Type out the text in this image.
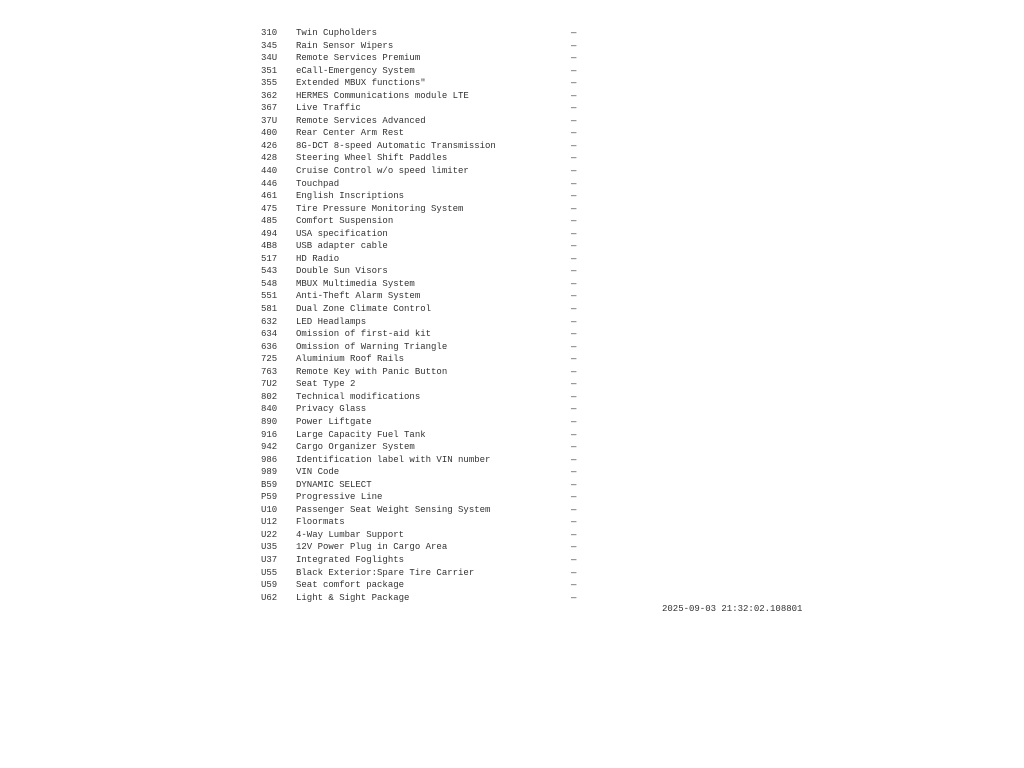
310	Twin Cupholders	—
345	Rain Sensor Wipers	—
34U	Remote Services Premium	—
351	eCall-Emergency System	—
355	Extended MBUX functions"	—
362	HERMES Communications module LTE	—
367	Live Traffic	—
37U	Remote Services Advanced	—
400	Rear Center Arm Rest	—
426	8G-DCT 8-speed Automatic Transmission	—
428	Steering Wheel Shift Paddles	—
440	Cruise Control w/o speed limiter	—
446	Touchpad	—
461	English Inscriptions	—
475	Tire Pressure Monitoring System	—
485	Comfort Suspension	—
494	USA specification	—
4B8	USB adapter cable	—
517	HD Radio	—
543	Double Sun Visors	—
548	MBUX Multimedia System	—
551	Anti-Theft Alarm System	—
581	Dual Zone Climate Control	—
632	LED Headlamps	—
634	Omission of first-aid kit	—
636	Omission of Warning Triangle	—
725	Aluminium Roof Rails	—
763	Remote Key with Panic Button	—
7U2	Seat Type 2	—
802	Technical modifications	—
840	Privacy Glass	—
890	Power Liftgate	—
916	Large Capacity Fuel Tank	—
942	Cargo Organizer System	—
986	Identification label with VIN number	—
989	VIN Code	—
B59	DYNAMIC SELECT	—
P59	Progressive Line	—
U10	Passenger Seat Weight Sensing System	—
U12	Floormats	—
U22	4-Way Lumbar Support	—
U35	12V Power Plug in Cargo Area	—
U37	Integrated Foglights	—
U55	Black Exterior:Spare Tire Carrier	—
U59	Seat comfort package	—
U62	Light & Sight Package	—
2025-09-03 21:32:02.108801
